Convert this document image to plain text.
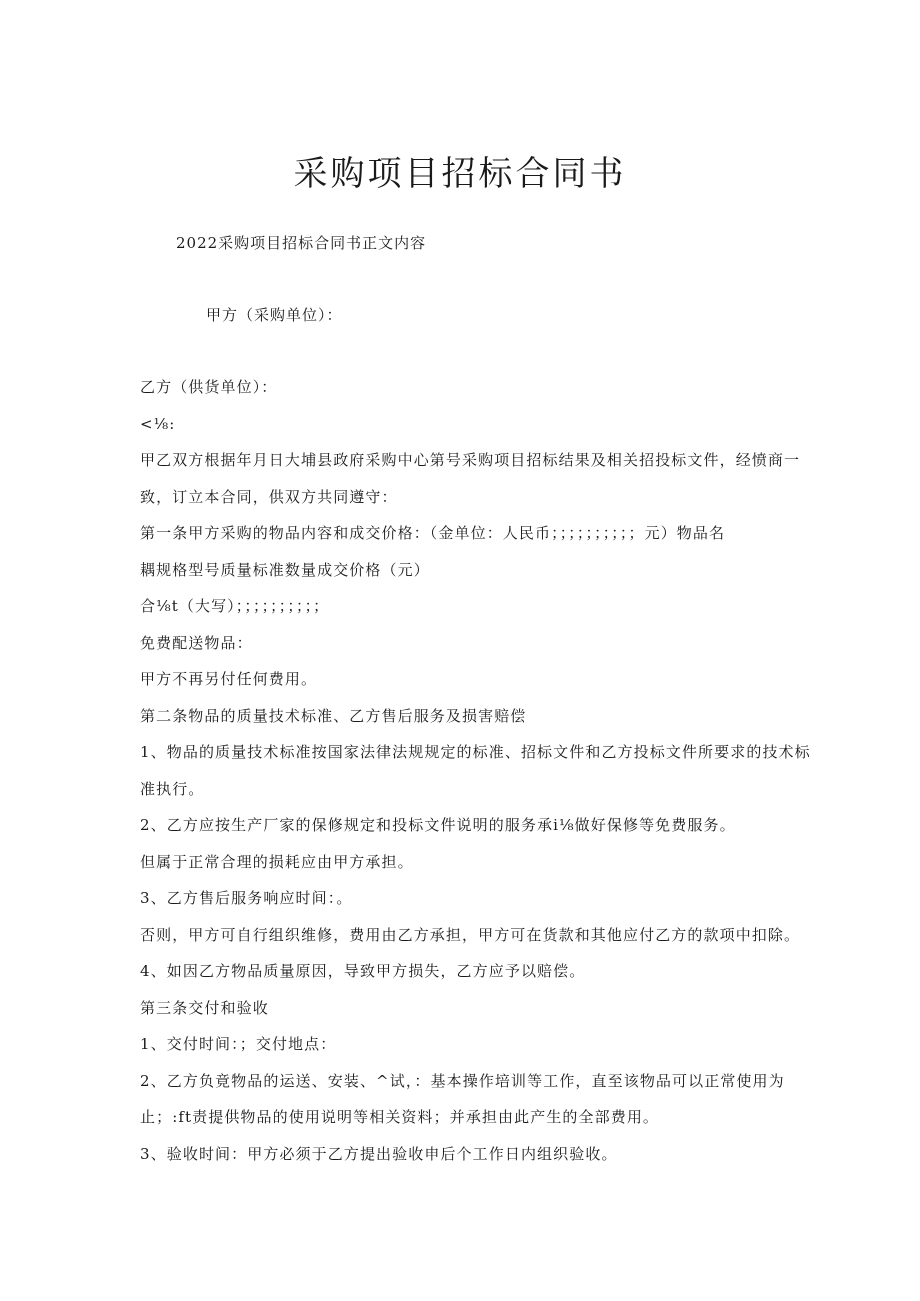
采购项目招标合同书

2022采购项目招标合同书正文内容

甲方（采购单位）：

乙方（供货单位）：

<⅛:

甲乙双方根据年月日大埔县政府采购中心第号采购项目招标结果及相关招投标文件，经愤商一

致，订立本合同，供双方共同遵守：

第一条甲方采购的物品内容和成交价格：（金单位：人民币；；；；；；；；；；元）物品名

耦规格型号质量标准数量成交价格（元）

合⅛t（大写）；；；；；；；；；；

免费配送物品：

甲方不再另付任何费用。

第二条物品的质量技术标准、乙方售后服务及损害赔偿

1、物品的质量技术标准按国家法律法规规定的标准、招标文件和乙方投标文件所要求的技术标

准执行。

2、乙方应按生产厂家的保修规定和投标文件说明的服务承i⅛做好保修等免费服务。

但属于正常合理的损耗应由甲方承担。

3、乙方售后服务响应时间：。

否则，甲方可自行组织维修，费用由乙方承担，甲方可在货款和其他应付乙方的款项中扣除。

4、如因乙方物品质量原因，导致甲方损失，乙方应予以赔偿。

第三条交付和验收

1、交付时间：；交付地点：

2、乙方负竟物品的运送、安装、^试，：基本操作培训等工作，直至该物品可以正常使用为

止；:ft责提供物品的使用说明等相关资料；并承担由此产生的全部费用。

3、验收时间：甲方必须于乙方提出验收申后个工作日内组织验收。
